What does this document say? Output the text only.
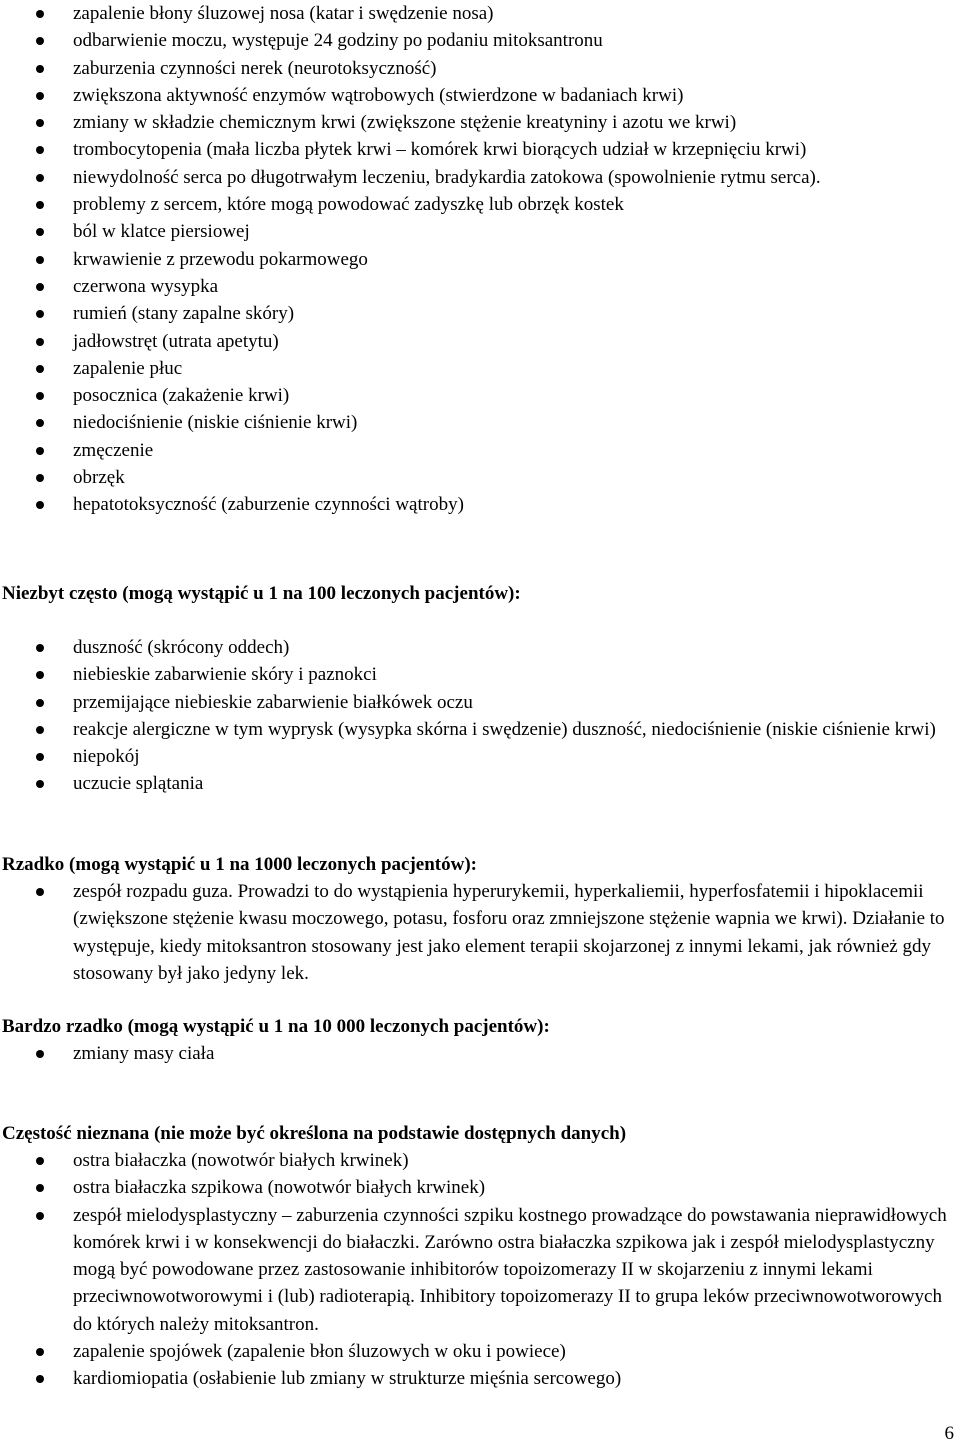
zapalenie błony śluzowej nosa (katar i swędzenie nosa)
odbarwienie moczu, występuje 24 godziny po podaniu mitoksantronu
zaburzenia czynności nerek (neurotoksyczność)
zwiększona aktywność enzymów wątrobowych (stwierdzone w badaniach krwi)
zmiany w składzie chemicznym krwi (zwiększone stężenie kreatyniny i azotu we krwi)
trombocytopenia (mała liczba płytek krwi – komórek krwi biorących udział w krzepnięciu krwi)
niewydolność serca po długotrwałym leczeniu, bradykardia zatokowa (spowolnienie rytmu serca).
problemy z sercem, które mogą powodować zadyszkę lub obrzęk kostek
ból w klatce piersiowej
krwawienie z przewodu pokarmowego
czerwona wysypka
rumień (stany zapalne skóry)
jadłowstręt (utrata apetytu)
zapalenie płuc
posocznica (zakażenie krwi)
niedociśnienie (niskie ciśnienie krwi)
zmęczenie
obrzęk
hepatotoksyczność (zaburzenie czynności wątroby)
Niezbyt często (mogą wystąpić u 1 na 100 leczonych pacjentów):
duszność (skrócony oddech)
niebieskie zabarwienie skóry i paznokci
przemijające niebieskie zabarwienie białkówek oczu
reakcje alergiczne w tym wyprysk (wysypka skórna i swędzenie) duszność, niedociśnienie (niskie ciśnienie krwi)
niepokój
uczucie splątania
Rzadko (mogą wystąpić u 1 na 1000 leczonych pacjentów):
zespół rozpadu guza. Prowadzi to do wystąpienia hyperurykemii, hyperkaliemii, hyperfosfatemii i hipoklacemii (zwiększone stężenie kwasu moczowego, potasu, fosforu oraz zmniejszone stężenie wapnia we krwi). Działanie to występuje, kiedy mitoksantron stosowany jest jako element terapii skojarzonej z innymi lekami, jak również gdy stosowany był jako jedyny lek.
Bardzo rzadko (mogą wystąpić u 1 na 10 000 leczonych pacjentów):
zmiany masy ciała
Częstość nieznana (nie może być określona na podstawie dostępnych danych)
ostra białaczka (nowotwór białych krwinek)
ostra białaczka szpikowa (nowotwór białych krwinek)
zespół mielodysplastyczny – zaburzenia czynności szpiku kostnego prowadzące do powstawania nieprawidłowych komórek krwi i w konsekwencji do białaczki. Zarówno ostra białaczka szpikowa jak i zespół mielodysplastyczny mogą być powodowane przez zastosowanie inhibitorów topoizomerazy II w skojarzeniu z innymi lekami przeciwnowotworowymi i (lub) radioterapią. Inhibitory topoizomerazy II to grupa leków przeciwnowotworowych do których należy mitoksantron.
zapalenie spojówek (zapalenie błon śluzowych w oku i powiece)
kardiomiopatia (osłabienie lub zmiany w strukturze mięśnia sercowego)
6
